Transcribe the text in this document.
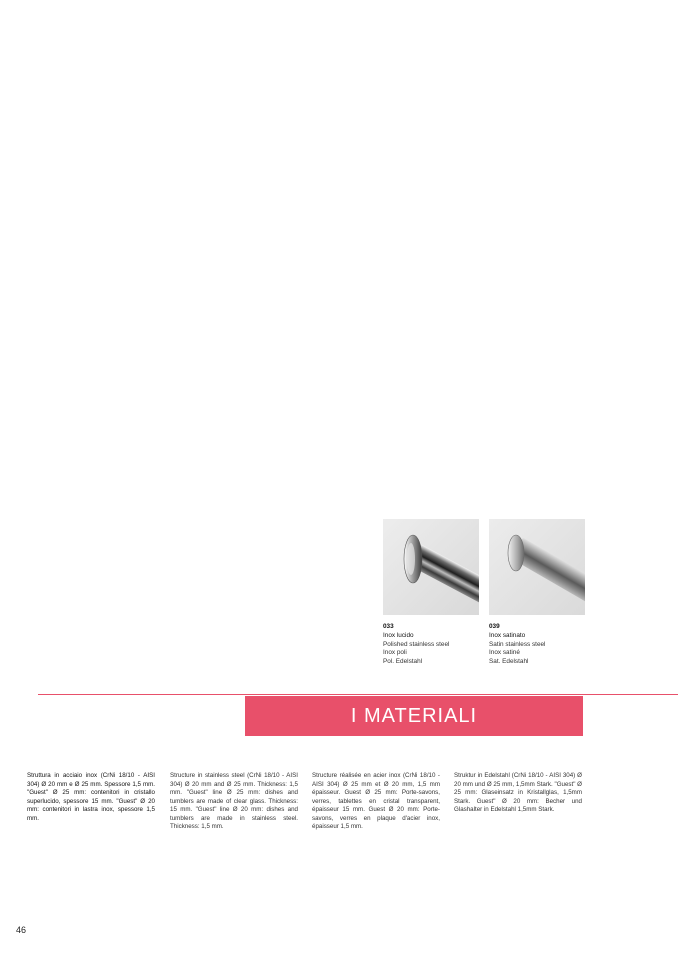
033
Inox lucido
Polished stainless steel
Inox poli
Pol. Edelstahl
039
Inox satinato
Satin stainless steel
Inox satiné
Sat. Edelstahl
I MATERIALI
Struttura in acciaio inox (CrNi 18/10 - AISI 304) Ø 20 mm e Ø 25 mm. Spessore 1,5 mm. "Guest" Ø 25 mm: contenitori in cristallo superlucido, spessore 15 mm. "Guest" Ø 20 mm: contenitori in lastra inox, spessore 1,5 mm.
Structure in stainless steel (CrNi 18/10 - AISI 304) Ø 20 mm and Ø 25 mm. Thickness: 1,5 mm. "Guest" line Ø 25 mm: dishes and tumblers are made of clear glass. Thickness: 15 mm. "Guest" line Ø 20 mm: dishes and tumblers are made in stainless steel. Thickness: 1,5 mm.
Structure réalisée en acier inox (CrNi 18/10 - AISI 304) Ø 25 mm et Ø 20 mm, 1,5 mm épaisseur. Guest Ø 25 mm: Porte-savons, verres, tablettes en cristal transparent, épaisseur 15 mm. Guest Ø 20 mm: Porte-savons, verres en plaque d'acier inox, épaisseur 1,5 mm.
Struktur in Edelstahl (CrNi 18/10 - AISI 304) Ø 20 mm und Ø 25 mm, 1,5mm Stark. "Guest" Ø 25 mm: Glaseinsatz in Kristallglas, 1,5mm Stark. Guest" Ø 20 mm: Becher und Glashalter in Edelstahl 1,5mm Stark.
46
